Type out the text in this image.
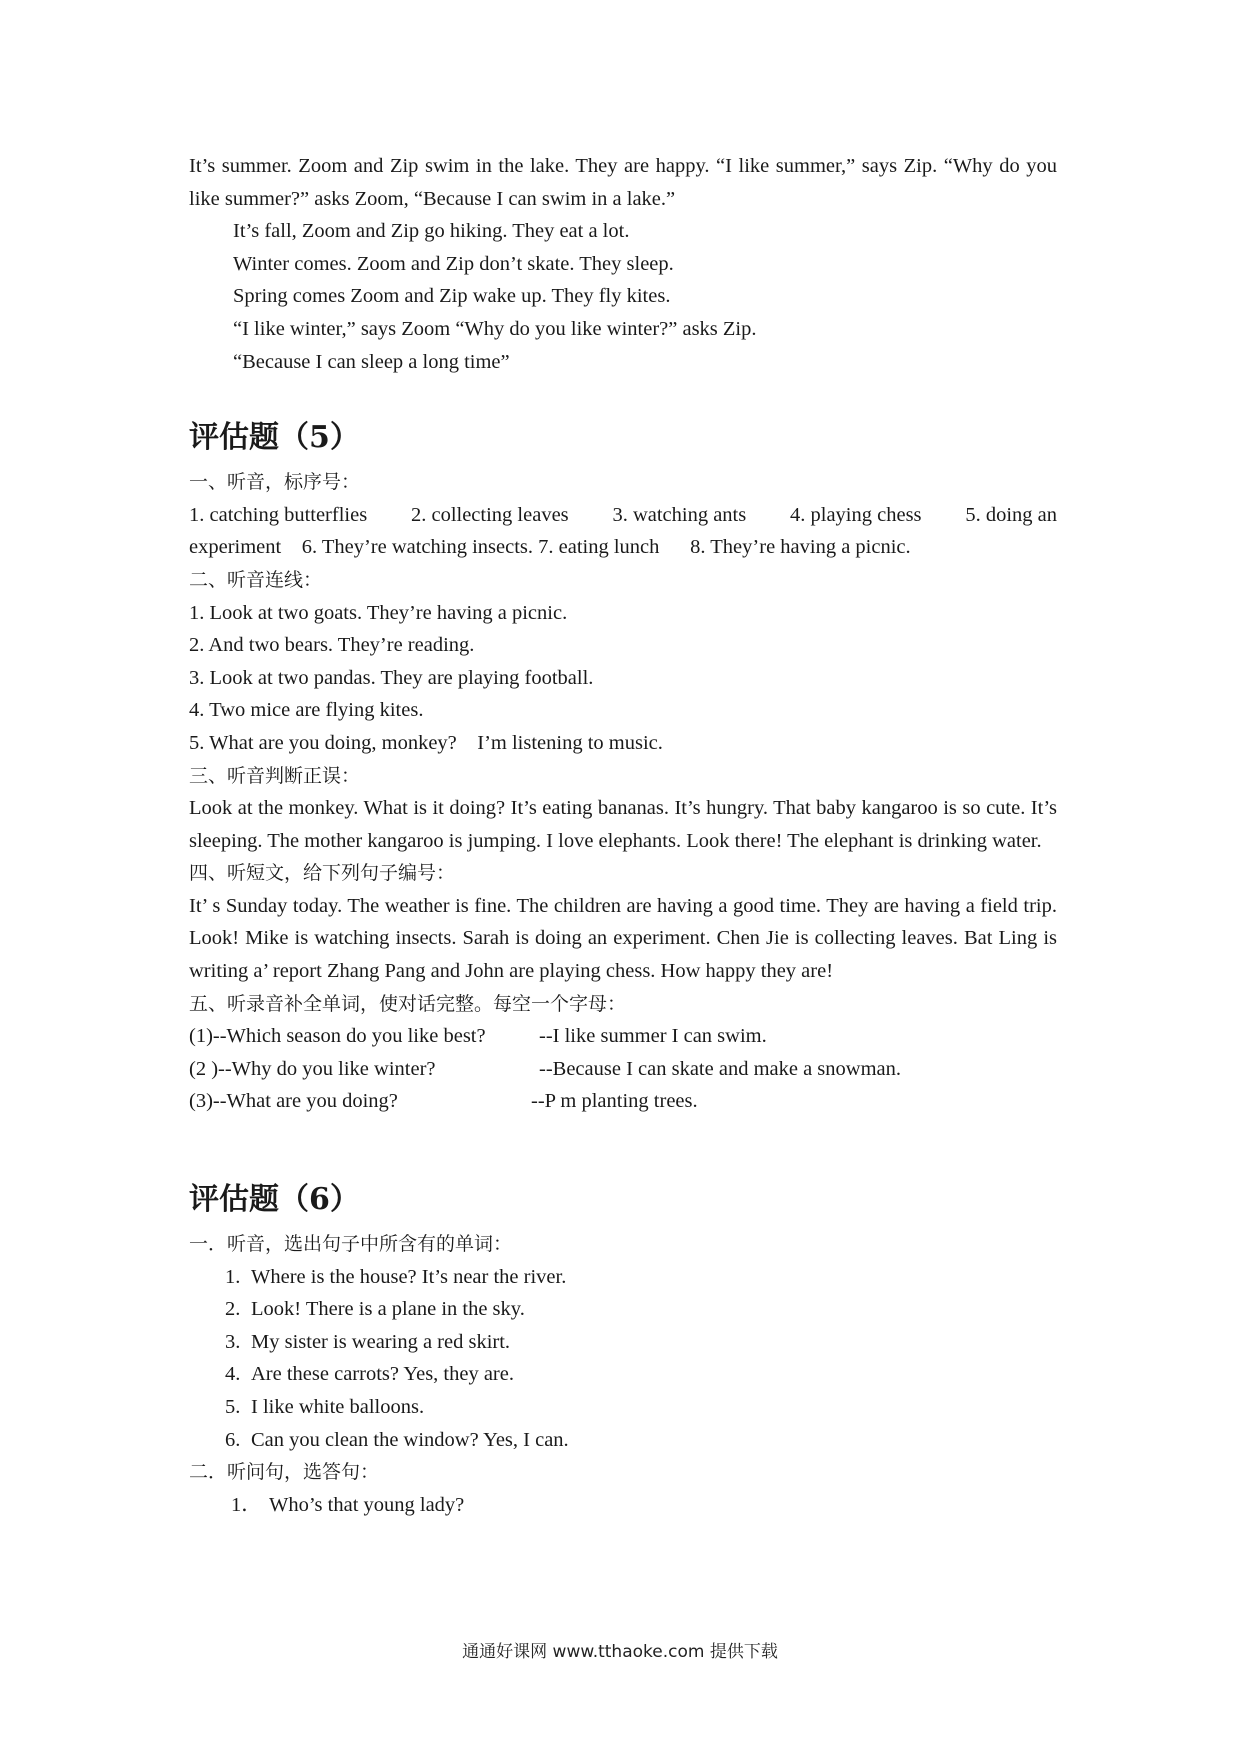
It’s summer. Zoom and Zip swim in the lake. They are happy. “I like summer,” says Zip. “Why do you like summer?” asks Zoom, “Because I can swim in a lake.”

It’s fall, Zoom and Zip go hiking. They eat a lot.

Winter comes. Zoom and Zip don’t skate. They sleep.

Spring comes Zoom and Zip wake up. They fly kites.

“I like winter,” says Zoom “Why do you like winter?” asks Zip.

“Because I can sleep a long time”

评估题（5）

一、听音，标序号：

1. catching butterflies 2. collecting leaves 3. watching ants 4. playing chess 5. doing an

experiment    6. They’re watching insects. 7. eating lunch      8. They’re having a picnic.

二、听音连线：

1. Look at two goats. They’re having a picnic.

2. And two bears. They’re reading.

3. Look at two pandas. They are playing football.

4. Two mice are flying kites.

5. What are you doing, monkey?    I’m listening to music.

三、听音判断正误：

Look at the monkey. What is it doing? It’s eating bananas. It’s hungry. That baby kangaroo is so cute. It’s sleeping. The mother kangaroo is jumping. I love elephants. Look there! The elephant is drinking water.

四、听短文，给下列句子编号：

It’ s Sunday today. The weather is fine. The children are having a good time. They are having a field trip. Look! Mike is watching insects. Sarah is doing an experiment. Chen Jie is collecting leaves. Bat Ling is writing a’ report Zhang Pang and John are playing chess. How happy they are!

五、听录音补全单词，使对话完整。每空一个字母：

(1)--Which season do you like best?	--I like summer I can swim.
(2 )--Why do you like winter?	--Because I can skate and make a snowman.
(3)--What are you doing?	--P m planting trees.
评估题（6）

一．听音，选出句子中所含有的单词：

1. Where is the house? It’s near the river.

2. Look! There is a plane in the sky.

3. My sister is wearing a red skirt.

4. Are these carrots? Yes, they are.

5. I like white balloons.

6. Can you clean the window? Yes, I can.

二．听问句，选答句：

1． Who’s that young lady?

通通好课网 www.tthaoke.com 提供下载
